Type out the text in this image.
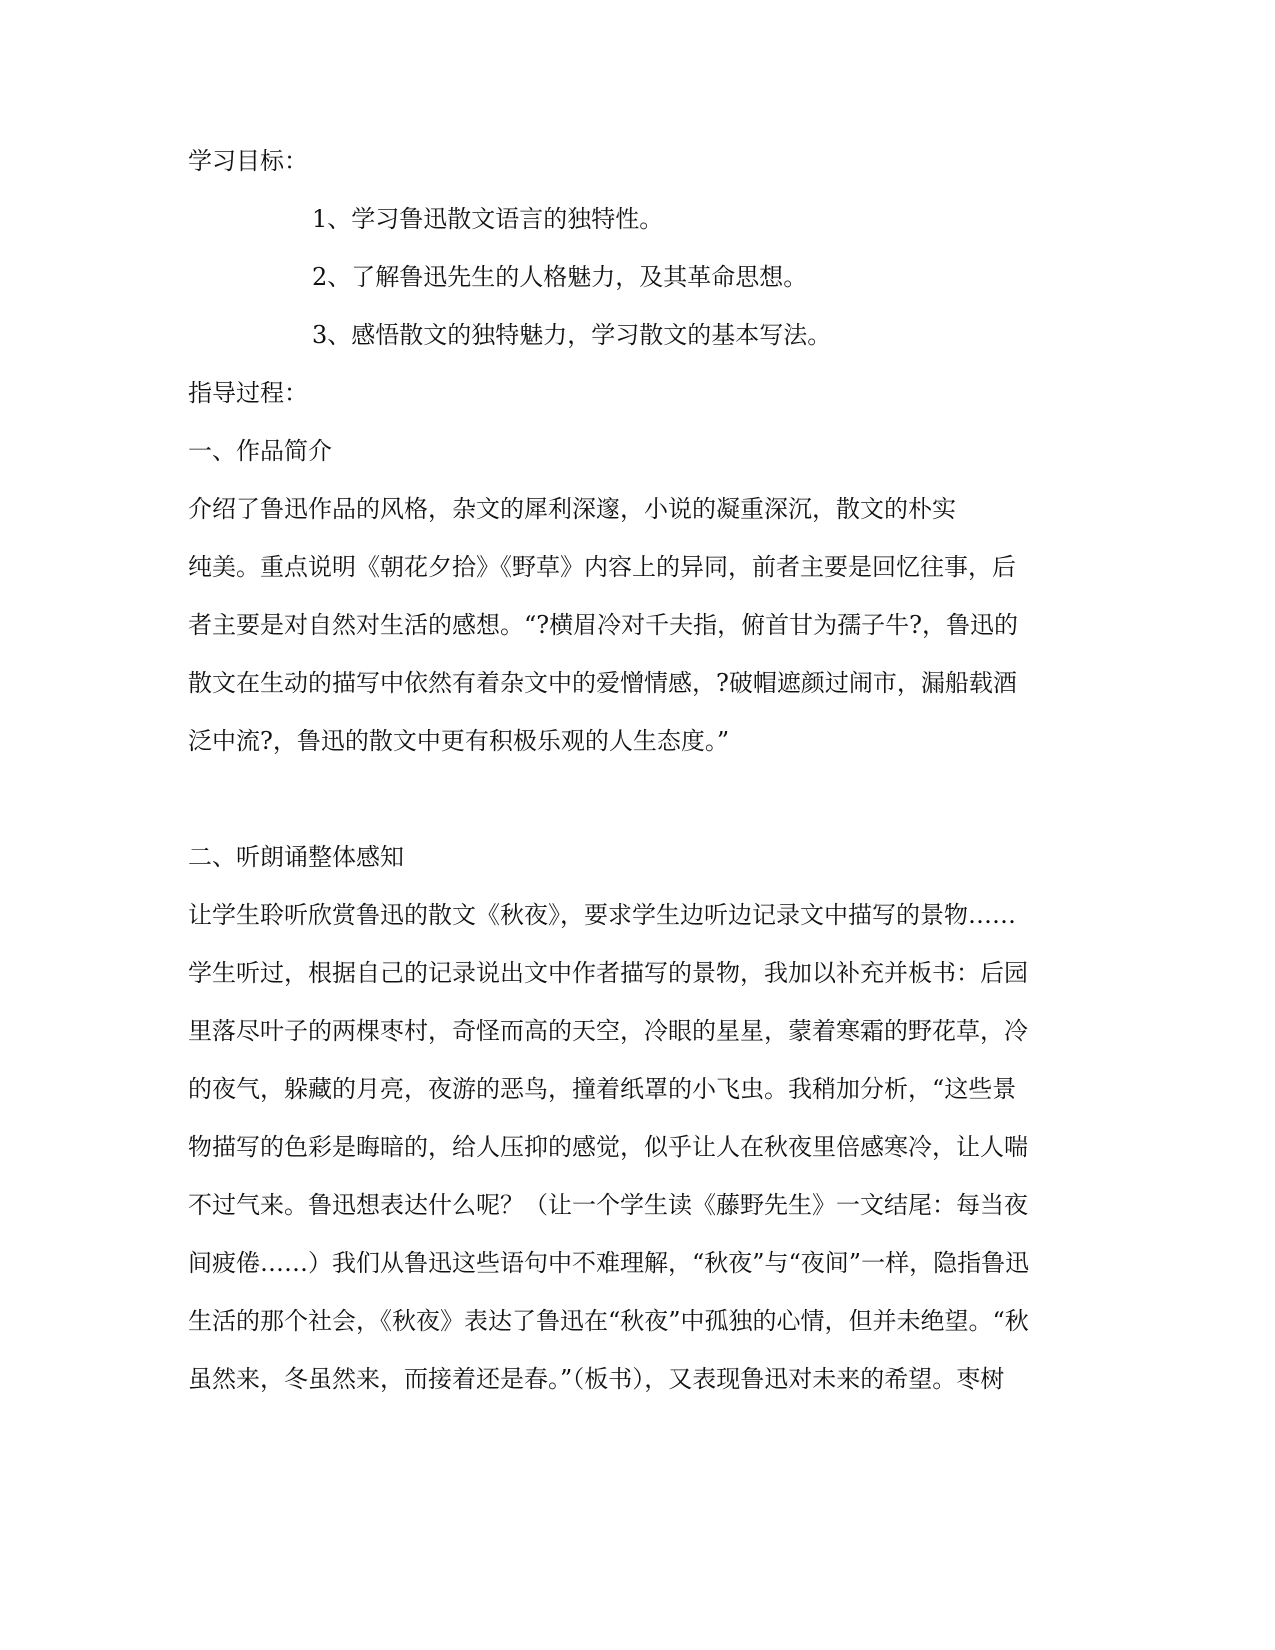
学习目标：
1、学习鲁迅散文语言的独特性。
2、了解鲁迅先生的人格魅力，及其革命思想。
3、感悟散文的独特魅力，学习散文的基本写法。
指导过程：
一、作品简介
介绍了鲁迅作品的风格，杂文的犀利深邃，小说的凝重深沉，散文的朴实
纯美。重点说明《朝花夕拾》《野草》内容上的异同，前者主要是回忆往事，后
者主要是对自然对生活的感想。“?横眉冷对千夫指，俯首甘为孺子牛?，鲁迅的
散文在生动的描写中依然有着杂文中的爱憎情感，?破帽遮颜过闹市，漏船载酒
泛中流?，鲁迅的散文中更有积极乐观的人生态度。”
二、听朗诵整体感知
让学生聆听欣赏鲁迅的散文《秋夜》，要求学生边听边记录文中描写的景物……
学生听过，根据自己的记录说出文中作者描写的景物，我加以补充并板书：后园
里落尽叶子的两棵枣村，奇怪而高的天空，冷眼的星星，蒙着寒霜的野花草，冷
的夜气，躲藏的月亮，夜游的恶鸟，撞着纸罩的小飞虫。我稍加分析，“这些景
物描写的色彩是晦暗的，给人压抑的感觉，似乎让人在秋夜里倍感寒冷，让人喘
不过气来。鲁迅想表达什么呢？（让一个学生读《藤野先生》一文结尾：每当夜
间疲倦……）我们从鲁迅这些语句中不难理解，“秋夜”与“夜间”一样，隐指鲁迅
生活的那个社会，《秋夜》表达了鲁迅在“秋夜”中孤独的心情，但并未绝望。“秋
虽然来，冬虽然来，而接着还是春。”（板书），又表现鲁迅对未来的希望。枣树
